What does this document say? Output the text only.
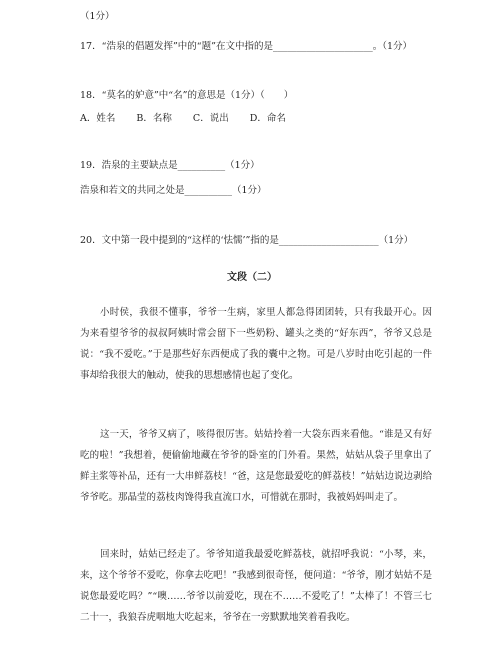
（1分）
17．“浩泉的倡题发挥”中的“题”在文中指的是_____________________。（1分）
18．“莫名的妒意”中“名”的意思是（1分）（　　）
A．姓名 B．名称 C．说出 D．命名
19．浩泉的主要缺点是__________（1分）
浩泉和若文的共同之处是__________（1分）
20．文中第一段中提到的“这样的‘怯懦’”指的是_____________________（1分）
文段（二）

小时侯，我很不懂事，爷爷一生病，家里人都急得团团转，只有我最开心。因为来看望爷爷的叔叔阿姨时常会留下一些奶粉、罐头之类的“好东西”，爷爷又总是说：“我不爱吃。”于是那些好东西便成了我的囊中之物。可是八岁时由吃引起的一件事却给我很大的触动，使我的思想感情也起了变化。

这一天，爷爷又病了，咳得很厉害。姑姑拎着一大袋东西来看他。“谁是又有好吃的啦！”我想着，便偷偷地藏在爷爷的卧室的门外看。果然，姑姑从袋子里拿出了鲜主浆等补品，还有一大串鲜荔枝！“爸，这是您最爱吃的鲜荔枝！”姑姑边说边剥给爷爷吃。那晶莹的荔枝肉馋得我直流口水，可惜就在那时，我被妈妈叫走了。

回来时，姑姑已经走了。爷爷知道我最爱吃鲜荔枝，就招呼我说：“小琴，来，来，这个爷爷不爱吃，你拿去吃吧！”我感到很奇怪，便问道：“爷爷，刚才姑姑不是说您最爱吃吗？”“噢……爷爷以前爱吃，现在不……不爱吃了！”太棒了！不管三七二十一，我狼吞虎咽地大吃起来，爷爷在一旁默默地笑着看我吃。
